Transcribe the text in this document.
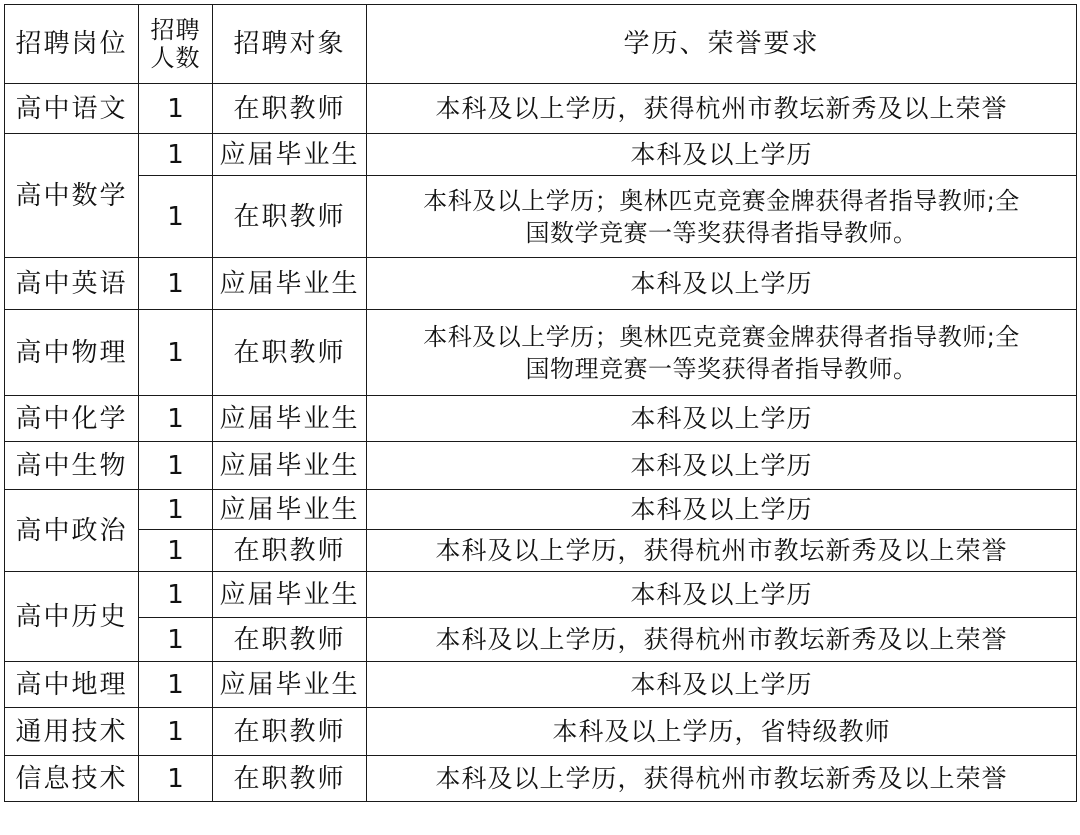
招聘岗位	招聘
人数	招聘对象	学历、荣誉要求
高中语文	1	在职教师	本科及以上学历，获得杭州市教坛新秀及以上荣誉
高中数学	1	应届毕业生	本科及以上学历
	1	在职教师	本科及以上学历；奥林匹克竞赛金牌获得者指导教师;全
国数学竞赛一等奖获得者指导教师。
高中英语	1	应届毕业生	本科及以上学历
高中物理	1	在职教师	本科及以上学历；奥林匹克竞赛金牌获得者指导教师;全
国物理竞赛一等奖获得者指导教师。
高中化学	1	应届毕业生	本科及以上学历
高中生物	1	应届毕业生	本科及以上学历
高中政治	1	应届毕业生	本科及以上学历
	1	在职教师	本科及以上学历，获得杭州市教坛新秀及以上荣誉
高中历史	1	应届毕业生	本科及以上学历
	1	在职教师	本科及以上学历，获得杭州市教坛新秀及以上荣誉
高中地理	1	应届毕业生	本科及以上学历
通用技术	1	在职教师	本科及以上学历，省特级教师
信息技术	1	在职教师	本科及以上学历，获得杭州市教坛新秀及以上荣誉
